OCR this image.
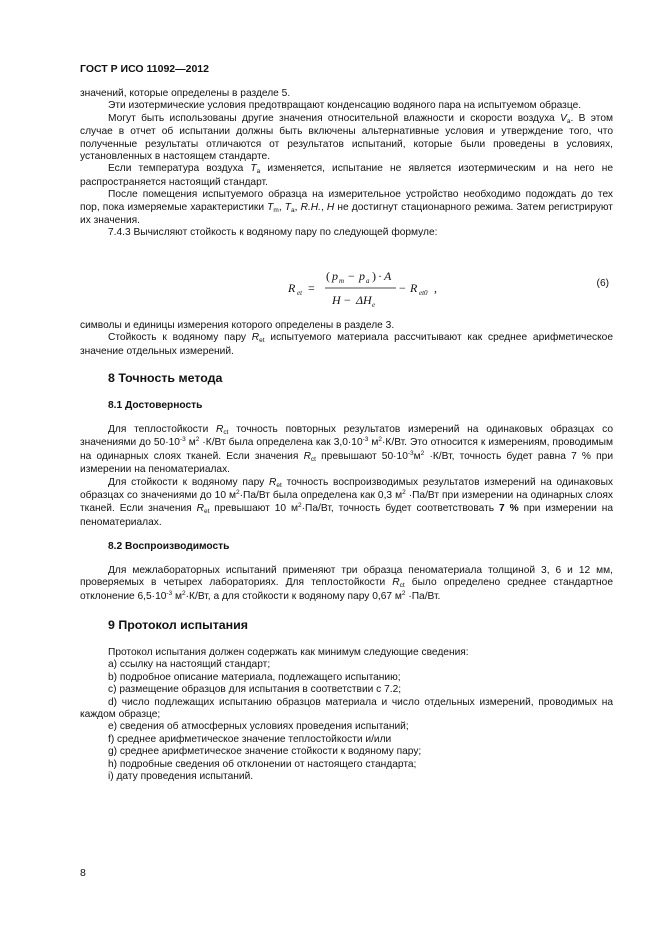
ГОСТ Р ИСО 11092—2012

значений, которые определены в разделе 5.

Эти изотермические условия предотвращают конденсацию водяного пара на испытуемом образце.

Могут быть использованы другие значения относительной влажности и скорости воздуха $V_a$. В этом случае в отчет об испытании должны быть включены альтернативные условия и утверждение того, что полученные результаты отличаются от результатов испытаний, которые были проведены в условиях, установленных в настоящем стандарте.

Если температура воздуха $T_a$ изменяется, испытание не является изотермическим и на него не распространяется настоящий стандарт.

После помещения испытуемого образца на измерительное устройство необходимо подождать до тех пор, пока измеряемые характеристики $T_m$, $T_a$, R.H., H не достигнут стационарного режима. Затем регистрируют их значения.

7.4.3 Вычисляют стойкость к водяному пару по следующей формуле:

R et =
( p m − p a ) · A
H − ΔH e
− R et0 ,	(6)

символы и единицы измерения которого определены в разделе 3.

Стойкость к водяному пару $R_{et}$ испытуемого материала рассчитывают как среднее арифметическое значение отдельных измерений.

8 Точность метода
8.1 Достоверность

Для теплостойкости $R_{ct}$ точность повторных результатов измерений на одинаковых образцах со значениями до $50\cdot 10^{-3}$ $м^2 \cdot К/Вт$ была определена как $3,0\cdot 10^{-3}$ $м^2\cdot К/Вт$. Это относится к измерениям, проводимым на одинарных слоях тканей. Если значения $R_{ct}$ превышают $50\cdot 10^{-3}м^2 \cdot К/Вт$, точность будет равна 7 % при измерении на пеноматериалах.

Для стойкости к водяному пару $R_{et}$ точность воспроизводимых результатов измерений на одинаковых образцах со значениями до 10 $м^2\cdot Па/Вт$ была определена как 0,3 $м^2 \cdot Па/Вт$ при измерении на одинарных слоях тканей. Если значения $R_{et}$ превышают 10 $м^2\cdot Па/Вт$, точность будет соответствовать 7 % при измерении на пеноматериалах.

8.2 Воспроизводимость

Для межлабораторных испытаний применяют три образца пеноматериала толщиной 3, 6 и 12 мм, проверяемых в четырех лабораториях. Для теплостойкости $R_{ct}$ было определено среднее стандартное отклонение $6,5\cdot 10^{-3}$ $м^2\cdot К/Вт$, а для стойкости к водяному пару 0,67 $м^2 \cdot Па/Вт$.

9 Протокол испытания

Протокол испытания должен содержать как минимум следующие сведения:

a) ссылку на настоящий стандарт;

b) подробное описание материала, подлежащего испытанию;

c) размещение образцов для испытания в соответствии с 7.2;

d) число подлежащих испытанию образцов материала и число отдельных измерений, проводимых на каждом образце;

e) сведения об атмосферных условиях проведения испытаний;

f) среднее арифметическое значение теплостойкости и/или

g) среднее арифметическое значение стойкости к водяному пару;

h) подробные сведения об отклонении от настоящего стандарта;

i) дату проведения испытаний.

8
